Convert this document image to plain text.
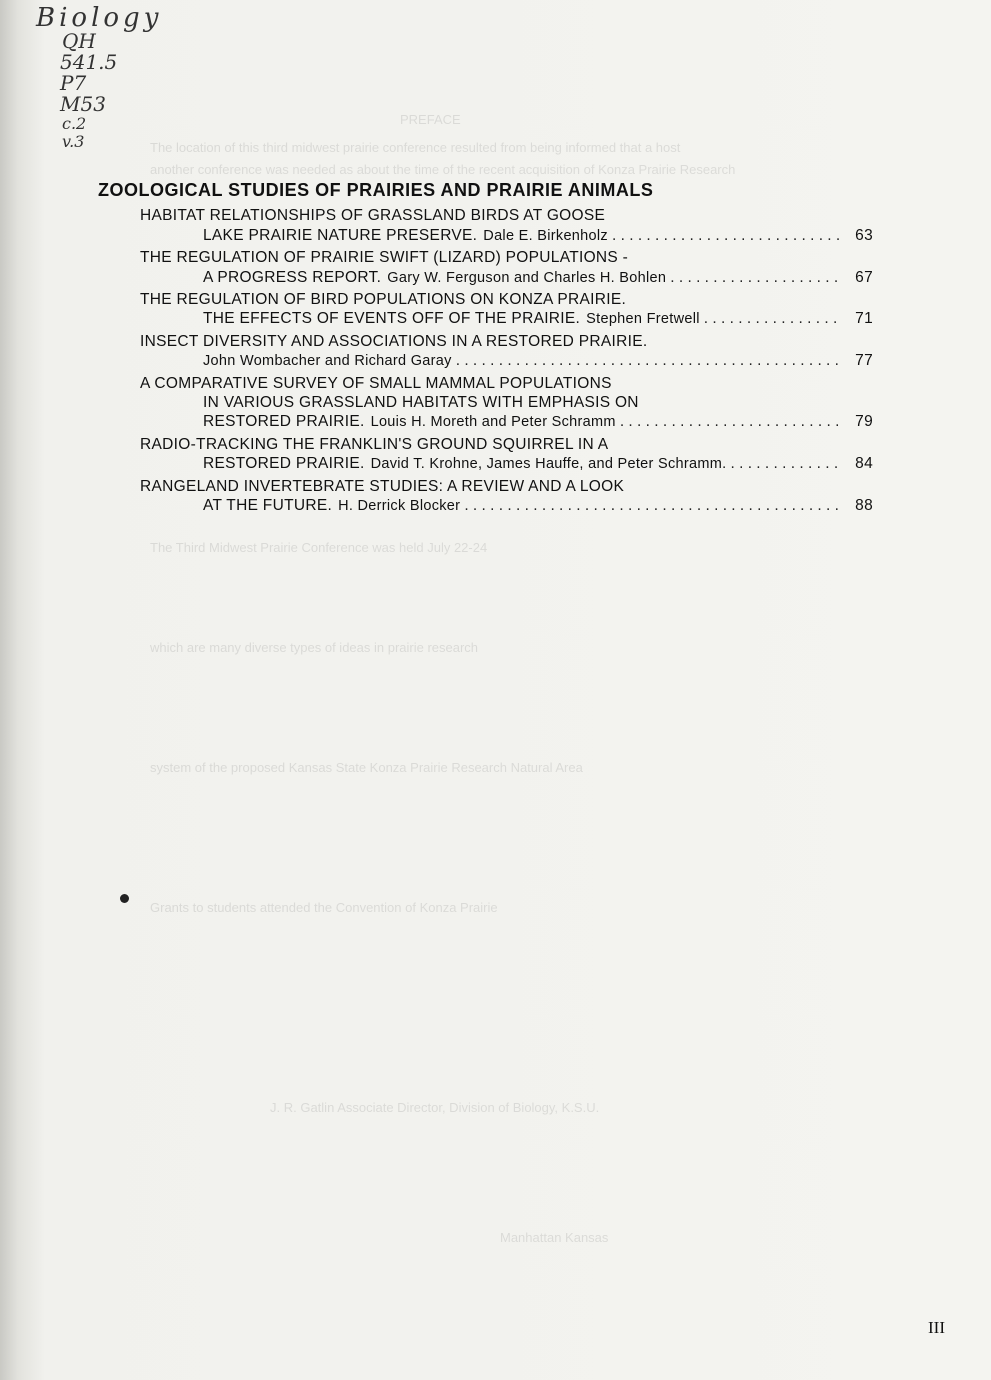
PREFACE
The location of this third midwest prairie conference resulted from being informed that a host
another conference was needed as about the time of the recent acquisition of Konza Prairie Research
The Third Midwest Prairie Conference was held July 22-24
which are many diverse types of ideas in prairie research
system of the proposed Kansas State Konza Prairie Research Natural Area
Grants to students attended the Convention of Konza Prairie
J. R. Gatlin Associate Director, Division of Biology, K.S.U.
Manhattan Kansas
Biology
QH
541.5
P7
M53
c.2
v.3
ZOOLOGICAL STUDIES OF PRAIRIES AND PRAIRIE ANIMALS
HABITAT RELATIONSHIPS OF GRASSLAND BIRDS AT GOOSE
LAKE PRAIRIE NATURE PRESERVE. Dale E. Birkenholz . . .	63
THE REGULATION OF PRAIRIE SWIFT (LIZARD) POPULATIONS -
A PROGRESS REPORT. Gary W. Ferguson and Charles H. Bohlen . . .	67
THE REGULATION OF BIRD POPULATIONS ON KONZA PRAIRIE.
THE EFFECTS OF EVENTS OFF OF THE PRAIRIE. Stephen Fretwell . . .	71
INSECT DIVERSITY AND ASSOCIATIONS IN A RESTORED PRAIRIE.
John Wombacher and Richard Garay . . .	77
A COMPARATIVE SURVEY OF SMALL MAMMAL POPULATIONS
IN VARIOUS GRASSLAND HABITATS WITH EMPHASIS ON
RESTORED PRAIRIE. Louis H. Moreth and Peter Schramm . . .	79
RADIO-TRACKING THE FRANKLIN'S GROUND SQUIRREL IN A
RESTORED PRAIRIE. David T. Krohne, James Hauffe, and Peter Schramm. . . .	84
RANGELAND INVERTEBRATE STUDIES: A REVIEW AND A LOOK
AT THE FUTURE. H. Derrick Blocker . . .	88
III
